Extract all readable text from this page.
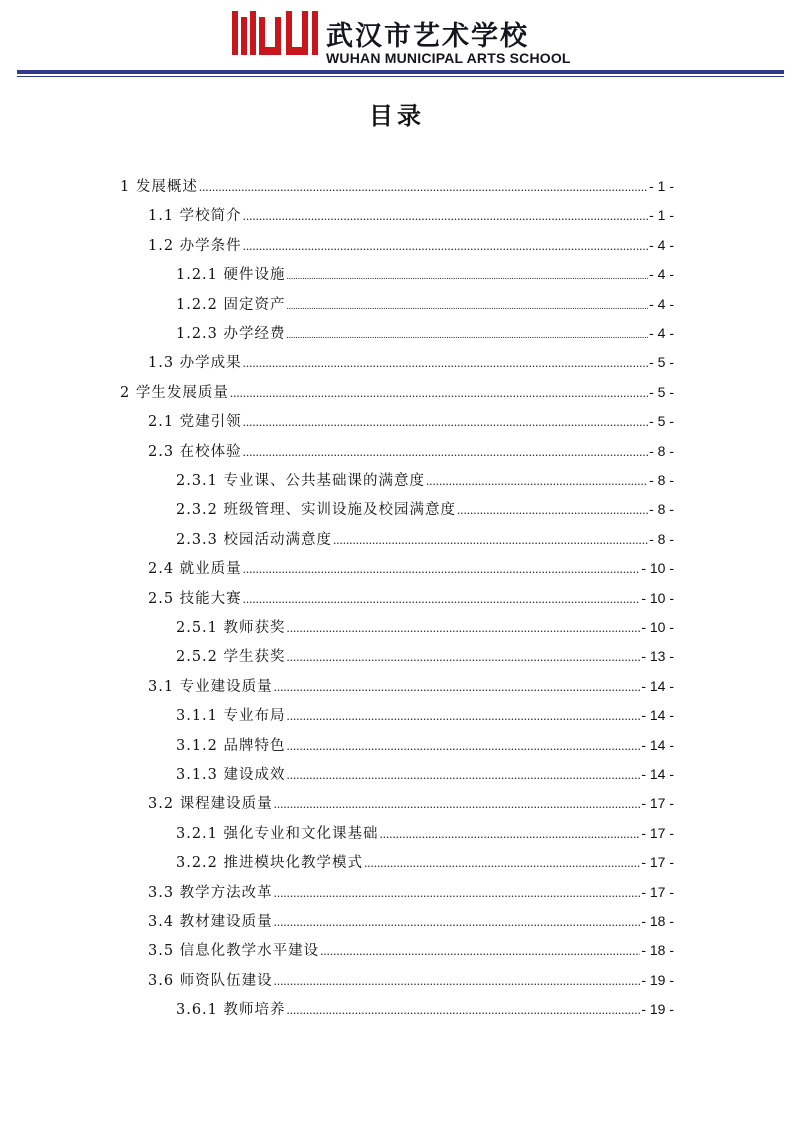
武汉市艺术学校
WUHAN MUNICIPAL ARTS SCHOOL
目录
1 发展概述 .....	- 1 -
1.1 学校简介 .....	- 1 -
1.2 办学条件 .....	- 4 -
1.2.1 硬件设施 .....	- 4 -
1.2.2 固定资产 .....	- 4 -
1.2.3 办学经费 .....	- 4 -
1.3 办学成果 .....	- 5 -
2 学生发展质量 .....	- 5 -
2.1 党建引领 .....	- 5 -
2.3 在校体验 .....	- 8 -
2.3.1 专业课、公共基础课的满意度 .....	- 8 -
2.3.2 班级管理、实训设施及校园满意度 .....	- 8 -
2.3.3 校园活动满意度 .....	- 8 -
2.4 就业质量 .....	- 10 -
2.5 技能大赛 .....	- 10 -
2.5.1 教师获奖 .....	- 10 -
2.5.2 学生获奖 .....	- 13 -
3.1 专业建设质量 .....	- 14 -
3.1.1 专业布局 .....	- 14 -
3.1.2 品牌特色 .....	- 14 -
3.1.3 建设成效 .....	- 14 -
3.2 课程建设质量 .....	- 17 -
3.2.1 强化专业和文化课基础 .....	- 17 -
3.2.2 推进模块化教学模式 .....	- 17 -
3.3 教学方法改革 .....	- 17 -
3.4 教材建设质量 .....	- 18 -
3.5 信息化教学水平建设 .....	- 18 -
3.6 师资队伍建设 .....	- 19 -
3.6.1 教师培养 .....	- 19 -
